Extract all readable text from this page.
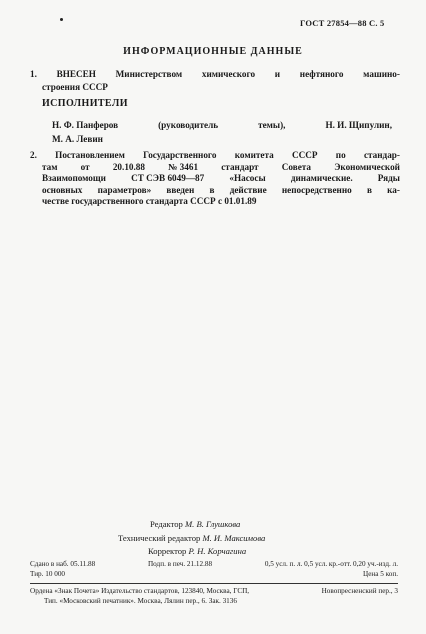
ГОСТ 27854—88 С. 5
ИНФОРМАЦИОННЫЕ ДАННЫЕ
1. ВНЕСЕН Министерством химического и нефтяного машино-
строения СССР
ИСПОЛНИТЕЛИ
Н. Ф. Панферов	(руководитель	темы),	Н. И. Щипулин,
М. А. Левин
2. Постановлением Государственного комитета СССР по стандар-
там	от	20.10.88	№ 3461	стандарт	Совета	Экономической
Взаимопомощи	СТ СЭВ 6049—87	«Насосы	динамические.	Ряды
основных параметров» введен в действие непосредственно в ка-
честве государственного стандарта СССР с 01.01.89
Редактор М. В. Глушкова
Технический редактор М. И. Максимова
Корректор Р. Н. Корчагина
Сдано в наб. 05.11.88	Подп. в печ. 21.12.88	0,5 усл. п. л. 0,5 усл. кр.-отт. 0,20 уч.-изд. л.
Тир. 10 000	Цена 5 коп.
Ордена «Знак Почета» Издательство стандартов, 123840, Москва, ГСП,	Новопресненский пер., 3
Тип. «Московский печатник». Москва, Лялин пер., 6. Зак. 3136
